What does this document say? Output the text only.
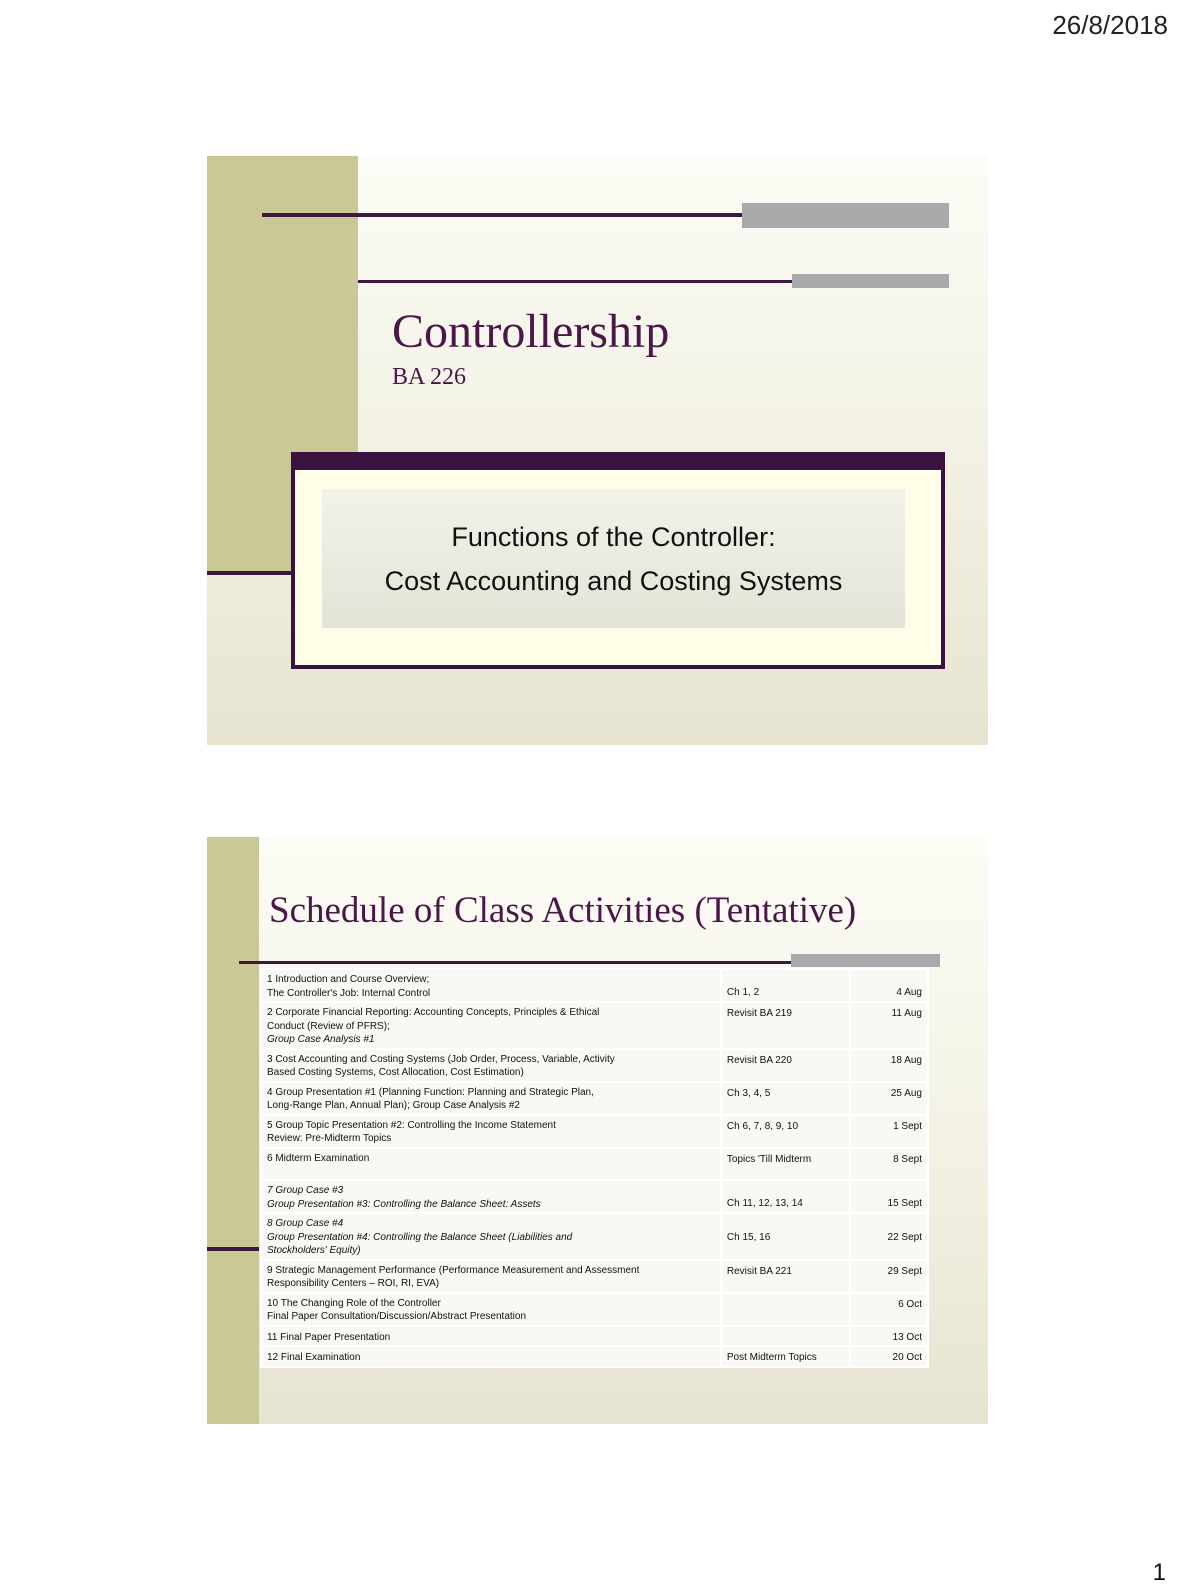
26/8/2018
Controllership
BA 226
Functions of the Controller:
Cost Accounting and Costing Systems
Schedule of Class Activities (Tentative)
1 Introduction and Course Overview;
The Controller's Job: Internal Control	Ch 1, 2	4 Aug

2 Corporate Financial Reporting: Accounting Concepts, Principles & Ethical
Conduct (Review of PFRS);
Group Case Analysis #1	Revisit BA 219	11 Aug

3 Cost Accounting and Costing Systems (Job Order, Process, Variable, Activity
Based Costing Systems, Cost Allocation, Cost Estimation)	Revisit BA 220	18 Aug

4 Group Presentation #1 (Planning Function: Planning and Strategic Plan,
Long-Range Plan, Annual Plan); Group Case Analysis #2	Ch 3, 4, 5	25 Aug

5 Group Topic Presentation #2: Controlling the Income Statement
Review: Pre-Midterm Topics	Ch 6, 7, 8, 9, 10	1 Sept

6 Midterm Examination	Topics 'Till Midterm	8 Sept

7 Group Case #3
Group Presentation #3: Controlling the Balance Sheet: Assets	Ch 11, 12, 13, 14	15 Sept

8 Group Case #4
Group Presentation #4: Controlling the Balance Sheet (Liabilities and
Stockholders' Equity)	Ch 15, 16	22 Sept

9 Strategic Management Performance (Performance Measurement and Assessment
Responsibility Centers – ROI, RI, EVA)	Revisit BA 221	29 Sept

10 The Changing Role of the Controller
Final Paper Consultation/Discussion/Abstract Presentation		6 Oct

11 Final Paper Presentation		13 Oct

12 Final Examination	Post Midterm Topics	20 Oct
1
